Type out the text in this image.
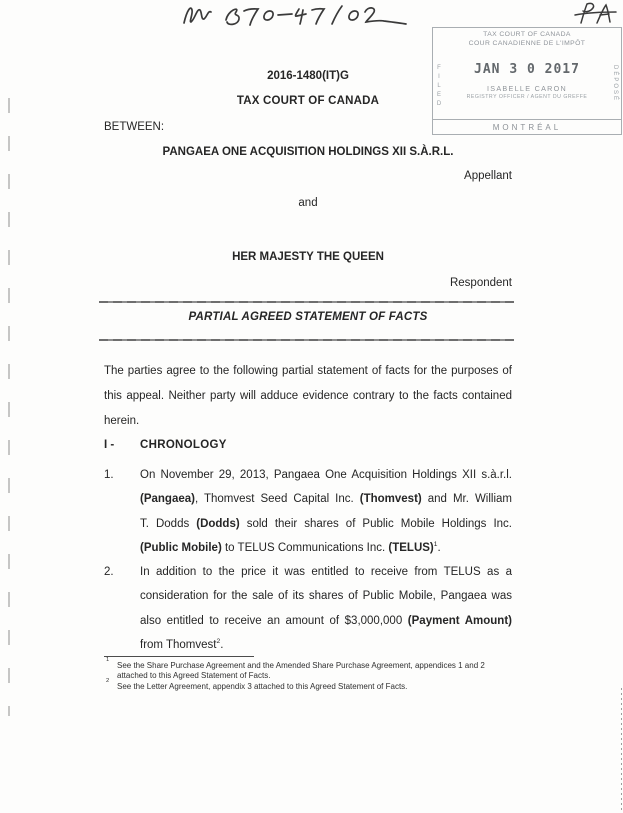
TAX COURT OF CANADA
COUR CANADIENNE DE L'IMPÔT
FILED	JAN 3 0 2017
ISABELLE CARON
REGISTRY OFFICER / AGENT DU GREFFE	DÉPOSÉ
MONTRÉAL
2016-1480(IT)G
TAX COURT OF CANADA
BETWEEN:
PANGAEA ONE ACQUISITION HOLDINGS XII S.À.R.L.
Appellant
and
HER MAJESTY THE QUEEN
Respondent
PARTIAL AGREED STATEMENT OF FACTS
The parties agree to the following partial statement of facts for the purposes of
this appeal. Neither party will adduce evidence contrary to the facts contained
herein.
I - CHRONOLOGY
1. On November 29, 2013, Pangaea One Acquisition Holdings XII s.à.r.l.
(Pangaea), Thomvest Seed Capital Inc. (Thomvest) and Mr. William
T. Dodds (Dodds) sold their shares of Public Mobile Holdings Inc.
(Public Mobile) to TELUS Communications Inc. (TELUS)$^1$.
2. In addition to the price it was entitled to receive from TELUS as a
consideration for the sale of its shares of Public Mobile, Pangaea was
also entitled to receive an amount of $3,000,000 (Payment Amount)
from Thomvest$^2$.
1
See the Share Purchase Agreement and the Amended Share Purchase Agreement, appendices 1 and 2
attached to this Agreed Statement of Facts.
2
See the Letter Agreement, appendix 3 attached to this Agreed Statement of Facts.
